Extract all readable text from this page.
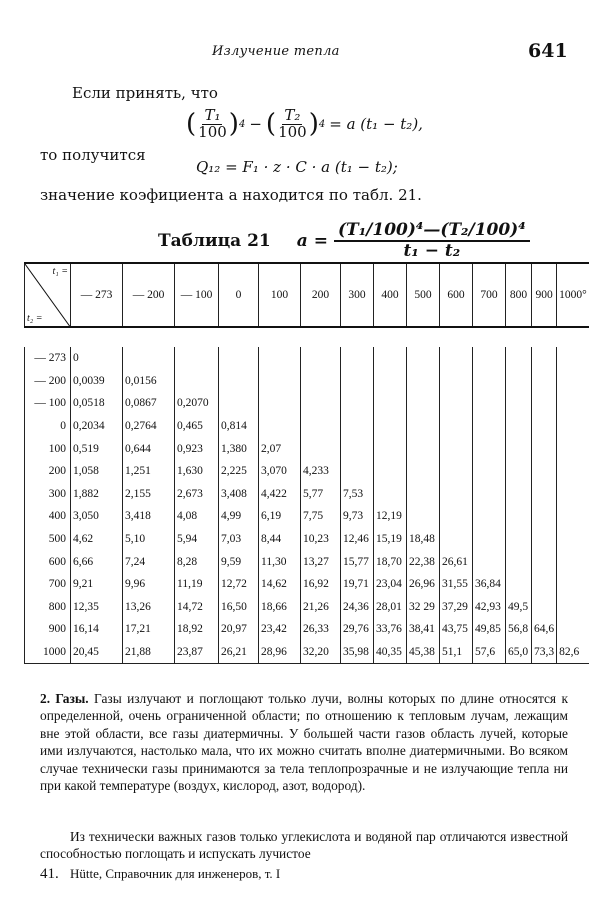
Излучение тепла	641
Если принять, что
( $\frac{\text{T₁}}{100}$ ) 4 − ( $\frac{\text{T₂}}{100}$ ) 4 = a (t₁ − t₂),
то получится
Q₁₂ = F₁ · z · C · a (t₁ − t₂);
значение коэфициента a находится по табл. 21.
Таблица 21 $a = \frac{\text{(T₁/100)⁴—(T₂/100)⁴}}{\text{t₁ − t₂}}$
t₁ =
t₂ =	— 273	— 200	— 100	0	100	200	300	400	500	600	700	800	900	1000°

— 273	0													
— 200	0,0039	0,0156												
— 100	0,0518	0,0867	0,2070											
0	0,2034	0,2764	0,465	0,814										
100	0,519	0,644	0,923	1,380	2,07									
200	1,058	1,251	1,630	2,225	3,070	4,233								
300	1,882	2,155	2,673	3,408	4,422	5,77	7,53							
400	3,050	3,418	4,08	4,99	6,19	7,75	9,73	12,19						
500	4,62	5,10	5,94	7,03	8,44	10,23	12,46	15,19	18,48					
600	6,66	7,24	8,28	9,59	11,30	13,27	15,77	18,70	22,38	26,61				
700	9,21	9,96	11,19	12,72	14,62	16,92	19,71	23,04	26,96	31,55	36,84			
800	12,35	13,26	14,72	16,50	18,66	21,26	24,36	28,01	32 29	37,29	42,93	49,5		
900	16,14	17,21	18,92	20,97	23,42	26,33	29,76	33,76	38,41	43,75	49,85	56,8	64,6	
1000	20,45	21,88	23,87	26,21	28,96	32,20	35,98	40,35	45,38	51,1	57,6	65,0	73,3	82,6
2. Газы. Газы излучают и поглощают только лучи, волны которых по длине относятся к определенной, очень ограниченной области; по отношению к тепловым лучам, лежащим вне этой области, все газы диатермичны. У большей части газов область лучей, которые ими излучаются, настолько мала, что их можно считать вполне диатермичными. Во всяком случае технически газы принимаются за тела теплопрозрачные и не излучающие тепла ни при какой температуре (воздух, кислород, азот, водород).
Из технически важных газов только углекислота и водяной пар отличаются известной способностью поглощать и испускать лучистое
41. Hütte, Справочник для инженеров, т. I
